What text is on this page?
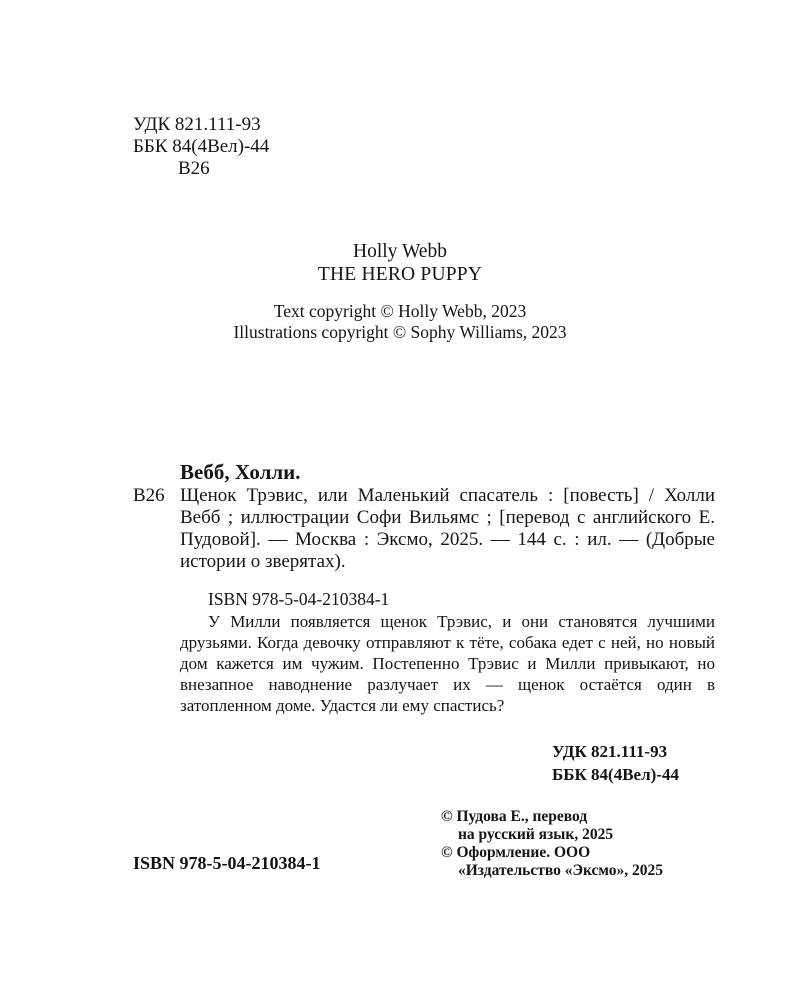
УДК 821.111-93
ББК 84(4Вел)-44
В26
Holly Webb
THE HERO PUPPY
Text copyright © Holly Webb, 2023
Illustrations copyright © Sophy Williams, 2023
Вебб, Холли.
В26 Щенок Трэвис, или Маленький спасатель : [повесть] / Холли Вебб ; иллюстрации Софи Вильямс ; [перевод с английского Е. Пудовой]. — Москва : Эксмо, 2025. — 144 с. : ил. — (Добрые истории о зверятах).
ISBN 978-5-04-210384-1
У Милли появляется щенок Трэвис, и они становятся лучшими друзьями. Когда девочку отправляют к тёте, собака едет с ней, но новый дом кажется им чужим. Постепенно Трэвис и Милли привыкают, но внезапное наводнение разлучает их — щенок остаётся один в затопленном доме. Удастся ли ему спастись?
УДК 821.111-93
ББК 84(4Вел)-44
© Пудова Е., перевод
на русский язык, 2025
© Оформление. ООО
«Издательство «Эксмо», 2025
ISBN 978-5-04-210384-1
